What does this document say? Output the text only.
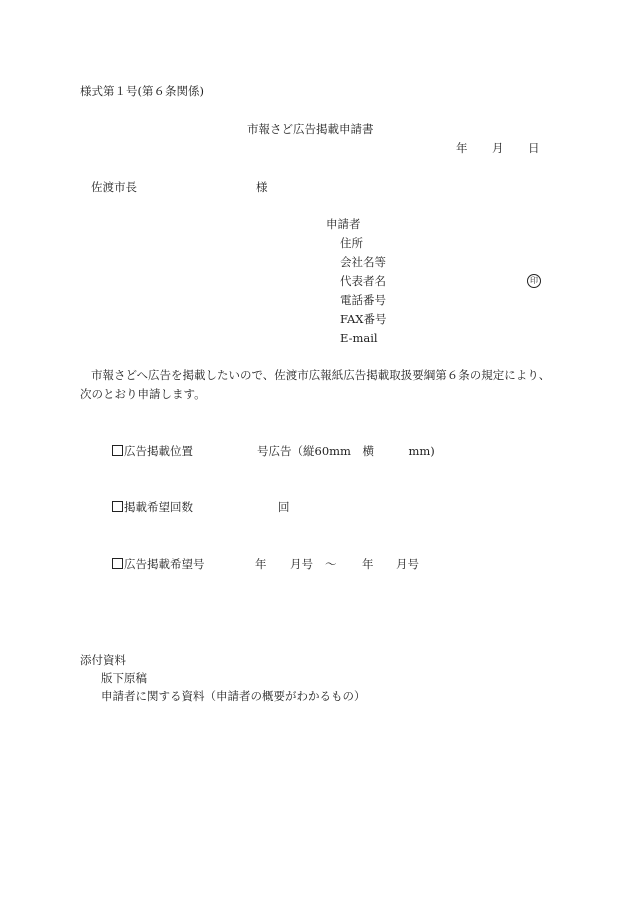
様式第１号(第６条関係)
市報さど広告掲載申請書
年 月 日
佐渡市長	様
申請者
住所
会社名等
代表者名	印
電話番号
FAX番号
E-mail
市報さどへ広告を掲載したいので、佐渡市広報紙広告掲載取扱要綱第６条の規定により、次のとおり申請します。
広告掲載位置	号広告（縦60mm　横　　　mm)
掲載希望回数	回
広告掲載希望号	年 月号 ～ 年 月号
添付資料
版下原稿
申請者に関する資料（申請者の概要がわかるもの）
